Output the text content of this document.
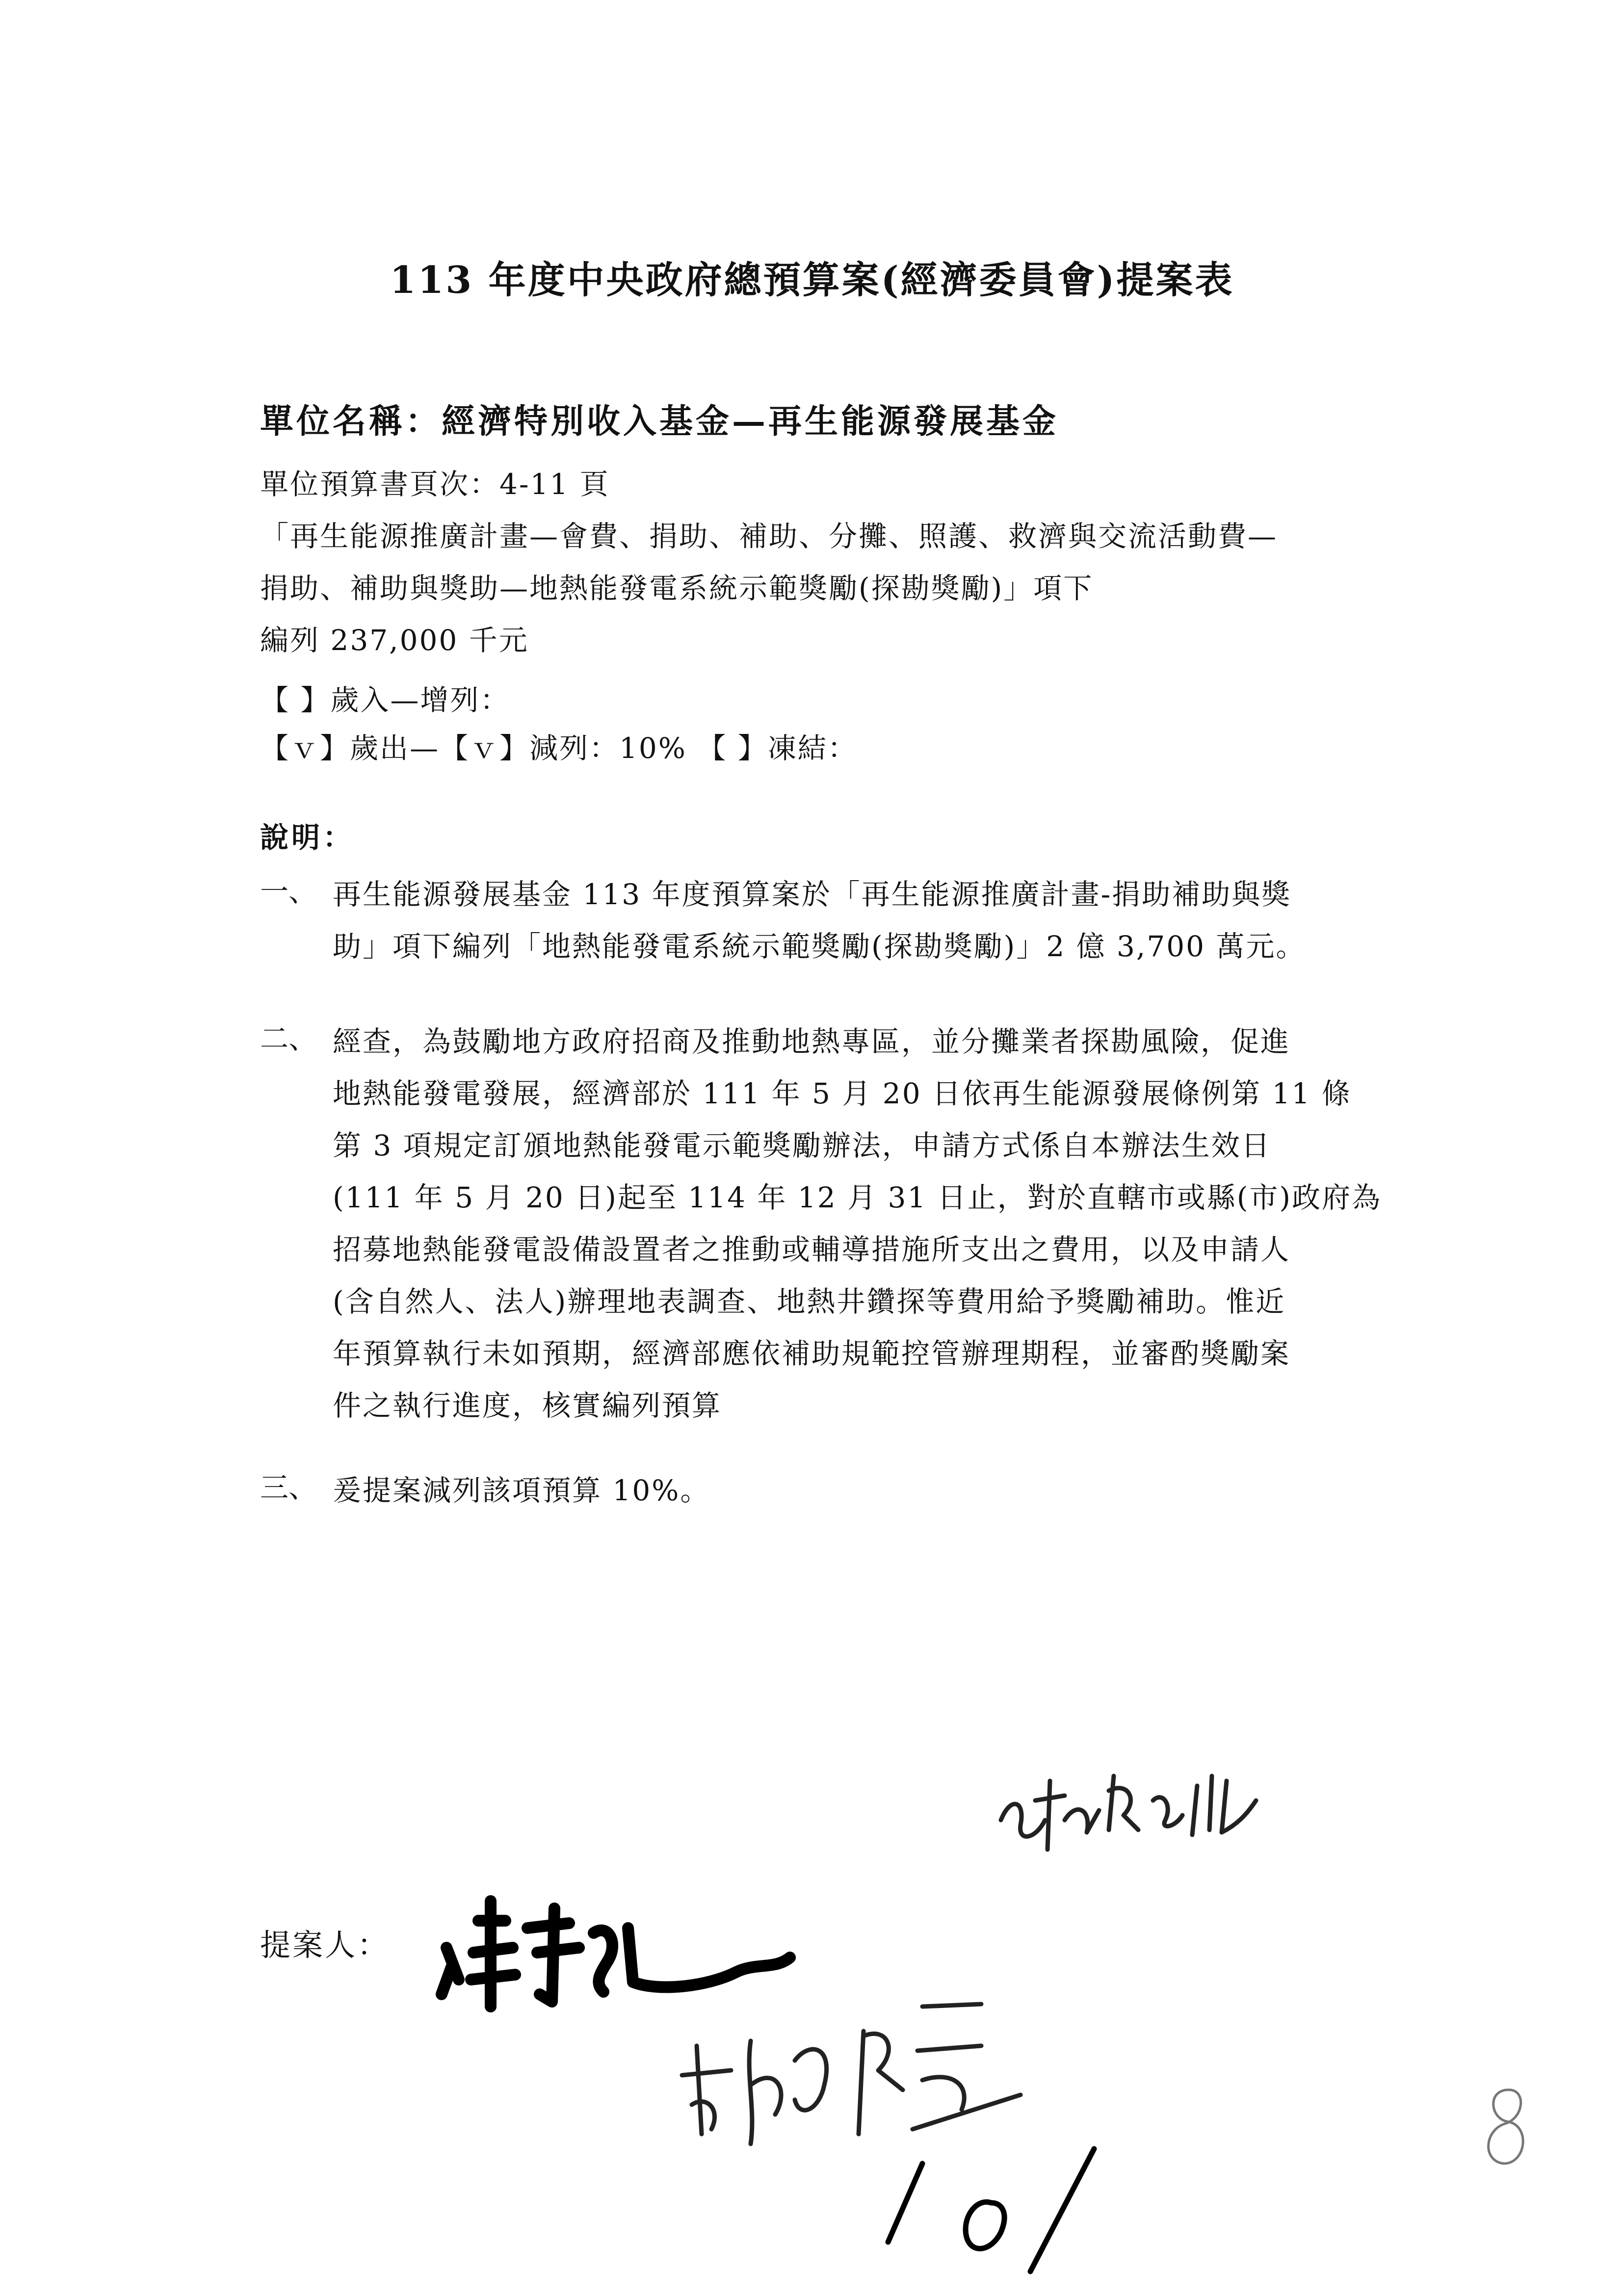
113 年度中央政府總預算案(經濟委員會)提案表
單位名稱：經濟特別收入基金—再生能源發展基金
單位預算書頁次：4-11 頁
「再生能源推廣計畫—會費、捐助、補助、分攤、照護、救濟與交流活動費—
捐助、補助與獎助—地熱能發電系統示範獎勵(探勘獎勵)」項下
編列 237,000 千元
【 】歲入—增列：
【ｖ】歲出—【ｖ】減列：10% 【 】凍結：
說明：
一、 再生能源發展基金 113 年度預算案於「再生能源推廣計畫-捐助補助與獎
助」項下編列「地熱能發電系統示範獎勵(探勘獎勵)」2 億 3,700 萬元。
二、 經查，為鼓勵地方政府招商及推動地熱專區，並分攤業者探勘風險，促進
地熱能發電發展，經濟部於 111 年 5 月 20 日依再生能源發展條例第 11 條
第 3 項規定訂頒地熱能發電示範獎勵辦法，申請方式係自本辦法生效日
(111 年 5 月 20 日)起至 114 年 12 月 31 日止，對於直轄市或縣(市)政府為
招募地熱能發電設備設置者之推動或輔導措施所支出之費用，以及申請人
(含自然人、法人)辦理地表調查、地熱井鑽探等費用給予獎勵補助。惟近
年預算執行未如預期，經濟部應依補助規範控管辦理期程，並審酌獎勵案
件之執行進度，核實編列預算
三、 爰提案減列該項預算 10%。
提案人：
